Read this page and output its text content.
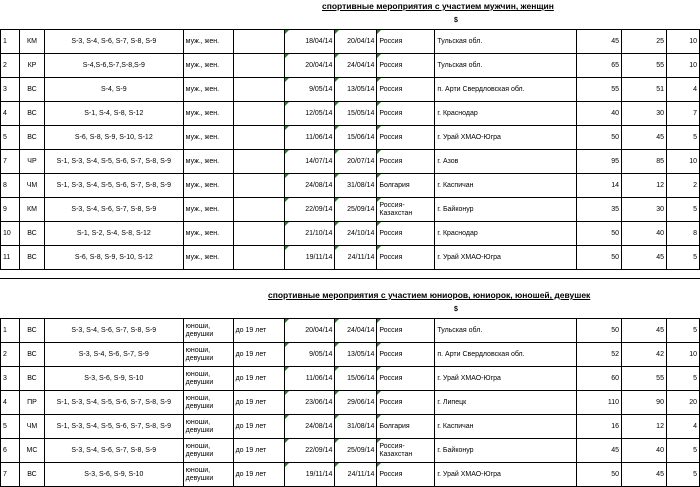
спортивные мероприятия с участием мужчин, женщин
$
1	КМ	S-3, S-4, S-6, S-7, S-8, S-9	муж., жен.		18/04/14	20/04/14	Россия	Тульская обл.	45	25	10
2	КР	S-4,S-6,S-7,S-8,S-9	муж., жен.		20/04/14	24/04/14	Россия	Тульская обл.	65	55	10
3	ВС	S-4, S-9	муж., жен.		9/05/14	13/05/14	Россия	п. Арти Свердловская обл.	55	51	4
4	ВС	S-1, S-4, S-8, S-12	муж., жен.		12/05/14	15/05/14	Россия	г. Краснодар	40	30	7
5	ВС	S-6, S-8, S-9, S-10, S-12	муж., жен.		11/06/14	15/06/14	Россия	г. Урай ХМАО-Югра	50	45	5
7	ЧР	S-1, S-3, S-4, S-5, S-6, S-7, S-8, S-9	муж., жен.		14/07/14	20/07/14	Россия	г. Азов	95	85	10
8	ЧМ	S-1, S-3, S-4, S-5, S-6, S-7, S-8, S-9	муж., жен.		24/08/14	31/08/14	Болгария	г. Каспичан	14	12	2
9	КМ	S-3, S-4, S-6, S-7, S-8, S-9	муж., жен.		22/09/14	25/09/14	Россия-Казахстан	г. Байконур	35	30	5
10	ВС	S-1, S-2, S-4, S-8, S-12	муж., жен.		21/10/14	24/10/14	Россия	г. Краснодар	50	40	8
11	ВС	S-6, S-8, S-9, S-10, S-12	муж., жен.		19/11/14	24/11/14	Россия	г. Урай ХМАО-Югра	50	45	5
спортивные мероприятия с участием юниоров, юниорок, юношей, девушек
$
1	ВС	S-3, S-4, S-6, S-7, S-8, S-9	юноши, девушки	до 19 лет	20/04/14	24/04/14	Россия	Тульская обл.	50	45	5
2	ВС	S-3, S-4, S-6, S-7, S-9	юноши, девушки	до 19 лет	9/05/14	13/05/14	Россия	п. Арти Свердловская обл.	52	42	10
3	ВС	S-3, S-6, S-9, S-10	юноши, девушки	до 19 лет	11/06/14	15/06/14	Россия	г. Урай ХМАО-Югра	60	55	5
4	ПР	S-1, S-3, S-4, S-5, S-6, S-7, S-8, S-9	юноши, девушки	до 19 лет	23/06/14	29/06/14	Россия	г. Липецк	110	90	20
5	ЧМ	S-1, S-3, S-4, S-5, S-6, S-7, S-8, S-9	юноши, девушки	до 19 лет	24/08/14	31/08/14	Болгария	г. Каспичан	16	12	4
6	МС	S-3, S-4, S-6, S-7, S-8, S-9	юноши, девушки	до 19 лет	22/09/14	25/09/14	Россия-Казахстан	г. Байконур	45	40	5
7	ВС	S-3, S-6, S-9, S-10	юноши, девушки	до 19 лет	19/11/14	24/11/14	Россия	г. Урай ХМАО-Югра	50	45	5
